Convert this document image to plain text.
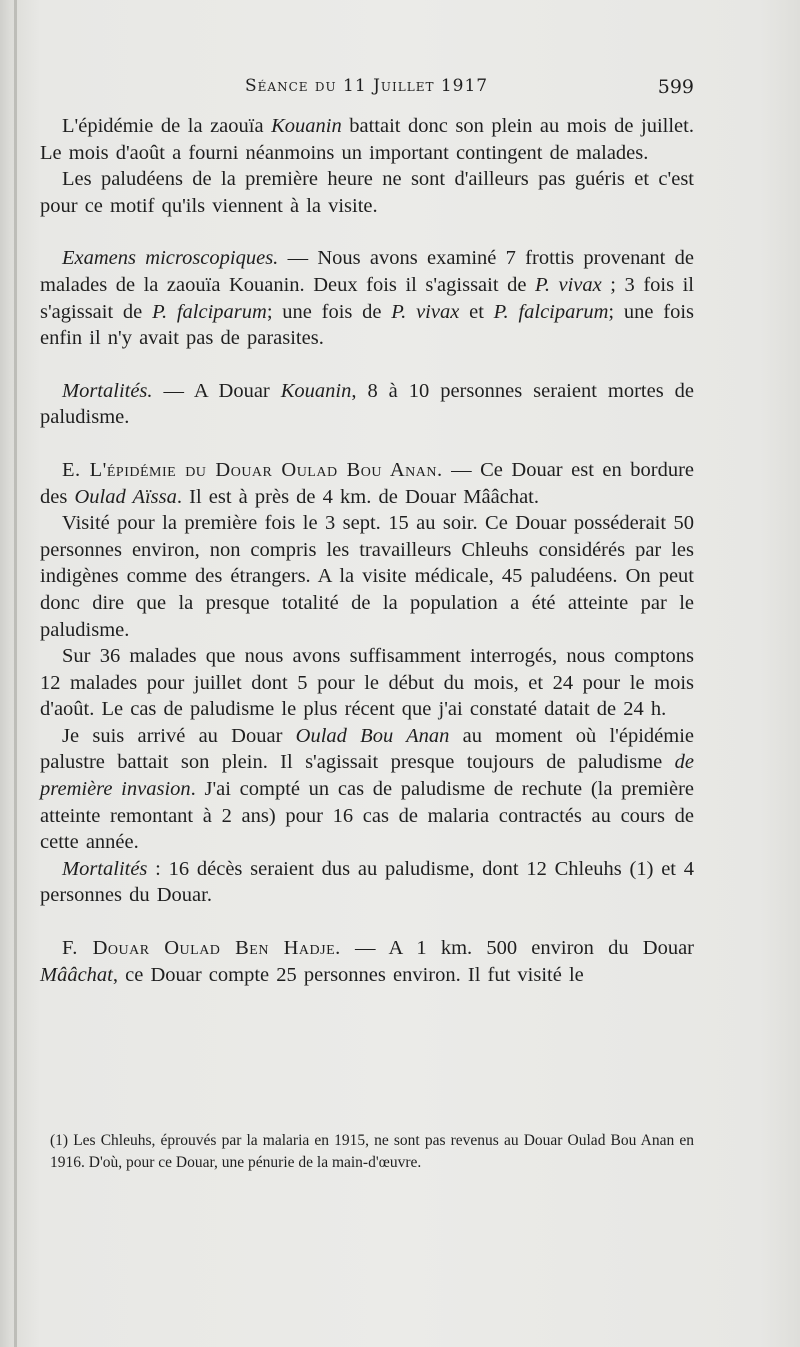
Séance du 11 Juillet 1917	599

L'épidémie de la zaouïa Kouanin battait donc son plein au mois de juillet. Le mois d'août a fourni néanmoins un important contingent de malades.

Les paludéens de la première heure ne sont d'ailleurs pas guéris et c'est pour ce motif qu'ils viennent à la visite.

Examens microscopiques. — Nous avons examiné 7 frottis provenant de malades de la zaouïa Kouanin. Deux fois il s'agissait de P. vivax ; 3 fois il s'agissait de P. falciparum; une fois de P. vivax et P. falciparum; une fois enfin il n'y avait pas de parasites.

Mortalités. — A Douar Kouanin, 8 à 10 personnes seraient mortes de paludisme.

E. L'épidémie du Douar Oulad Bou Anan. — Ce Douar est en bordure des Oulad Aïssa. Il est à près de 4 km. de Douar Mââchat.

Visité pour la première fois le 3 sept. 15 au soir. Ce Douar posséderait 50 personnes environ, non compris les travailleurs Chleuhs considérés par les indigènes comme des étrangers. A la visite médicale, 45 paludéens. On peut donc dire que la presque totalité de la population a été atteinte par le paludisme.

Sur 36 malades que nous avons suffisamment interrogés, nous comptons 12 malades pour juillet dont 5 pour le début du mois, et 24 pour le mois d'août. Le cas de paludisme le plus récent que j'ai constaté datait de 24 h.

Je suis arrivé au Douar Oulad Bou Anan au moment où l'épidémie palustre battait son plein. Il s'agissait presque toujours de paludisme de première invasion. J'ai compté un cas de paludisme de rechute (la première atteinte remontant à 2 ans) pour 16 cas de malaria contractés au cours de cette année.

Mortalités : 16 décès seraient dus au paludisme, dont 12 Chleuhs (1) et 4 personnes du Douar.

F. Douar Oulad Ben Hadje. — A 1 km. 500 environ du Douar Mââchat, ce Douar compte 25 personnes environ. Il fut visité le

(1) Les Chleuhs, éprouvés par la malaria en 1915, ne sont pas revenus au Douar Oulad Bou Anan en 1916. D'où, pour ce Douar, une pénurie de la main-d'œuvre.
